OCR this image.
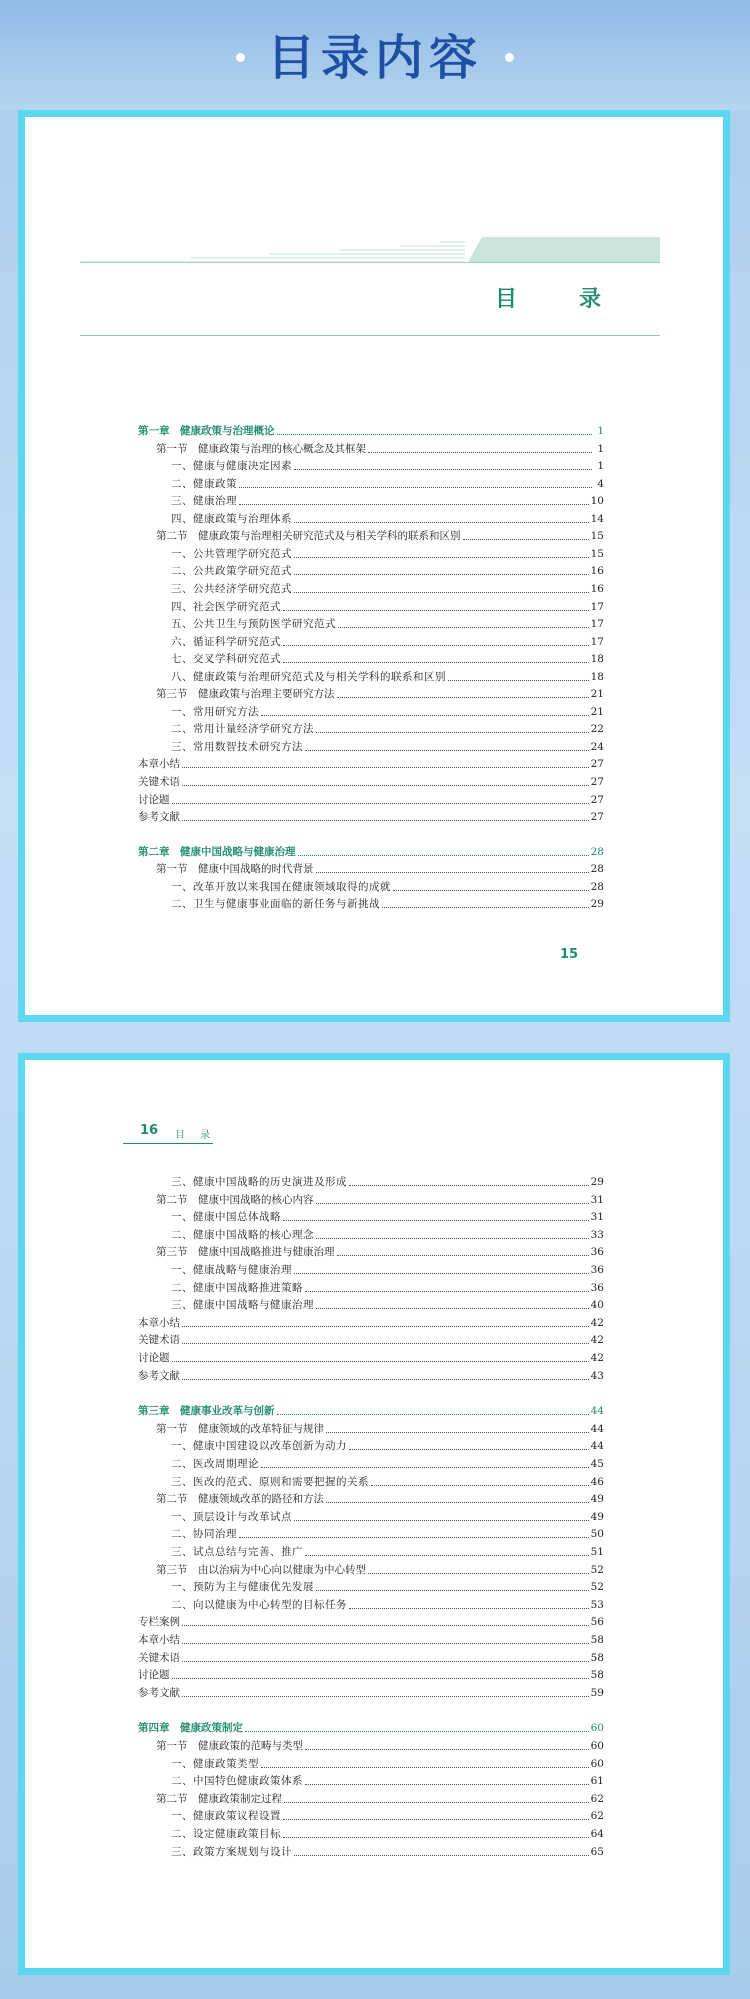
目录内容
目　录
第一章　健康政策与治理概论	1
第一节　健康政策与治理的核心概念及其框架	1
一、健康与健康决定因素	1
二、健康政策	4
三、健康治理	10
四、健康政策与治理体系	14
第二节　健康政策与治理相关研究范式及与相关学科的联系和区别	15
一、公共管理学研究范式	15
二、公共政策学研究范式	16
三、公共经济学研究范式	16
四、社会医学研究范式	17
五、公共卫生与预防医学研究范式	17
六、循证科学研究范式	17
七、交叉学科研究范式	18
八、健康政策与治理研究范式及与相关学科的联系和区别	18
第三节　健康政策与治理主要研究方法	21
一、常用研究方法	21
二、常用计量经济学研究方法	22
三、常用数智技术研究方法	24
本章小结	27
关键术语	27
讨论题	27
参考文献	27
第二章　健康中国战略与健康治理	28
第一节　健康中国战略的时代背景	28
一、改革开放以来我国在健康领域取得的成就	28
二、卫生与健康事业面临的新任务与新挑战	29
15
16 目 录
三、健康中国战略的历史演进及形成	29
第二节　健康中国战略的核心内容	31
一、健康中国总体战略	31
二、健康中国战略的核心理念	33
第三节　健康中国战略推进与健康治理	36
一、健康战略与健康治理	36
二、健康中国战略推进策略	36
三、健康中国战略与健康治理	40
本章小结	42
关键术语	42
讨论题	42
参考文献	43
第三章　健康事业改革与创新	44
第一节　健康领域的改革特征与规律	44
一、健康中国建设以改革创新为动力	44
二、医改周期理论	45
三、医改的范式、原则和需要把握的关系	46
第二节　健康领域改革的路径和方法	49
一、顶层设计与改革试点	49
二、协同治理	50
三、试点总结与完善、推广	51
第三节　由以治病为中心向以健康为中心转型	52
一、预防为主与健康优先发展	52
二、向以健康为中心转型的目标任务	53
专栏案例	56
本章小结	58
关键术语	58
讨论题	58
参考文献	59
第四章　健康政策制定	60
第一节　健康政策的范畴与类型	60
一、健康政策类型	60
二、中国特色健康政策体系	61
第二节　健康政策制定过程	62
一、健康政策议程设置	62
二、设定健康政策目标	64
三、政策方案规划与设计	65
